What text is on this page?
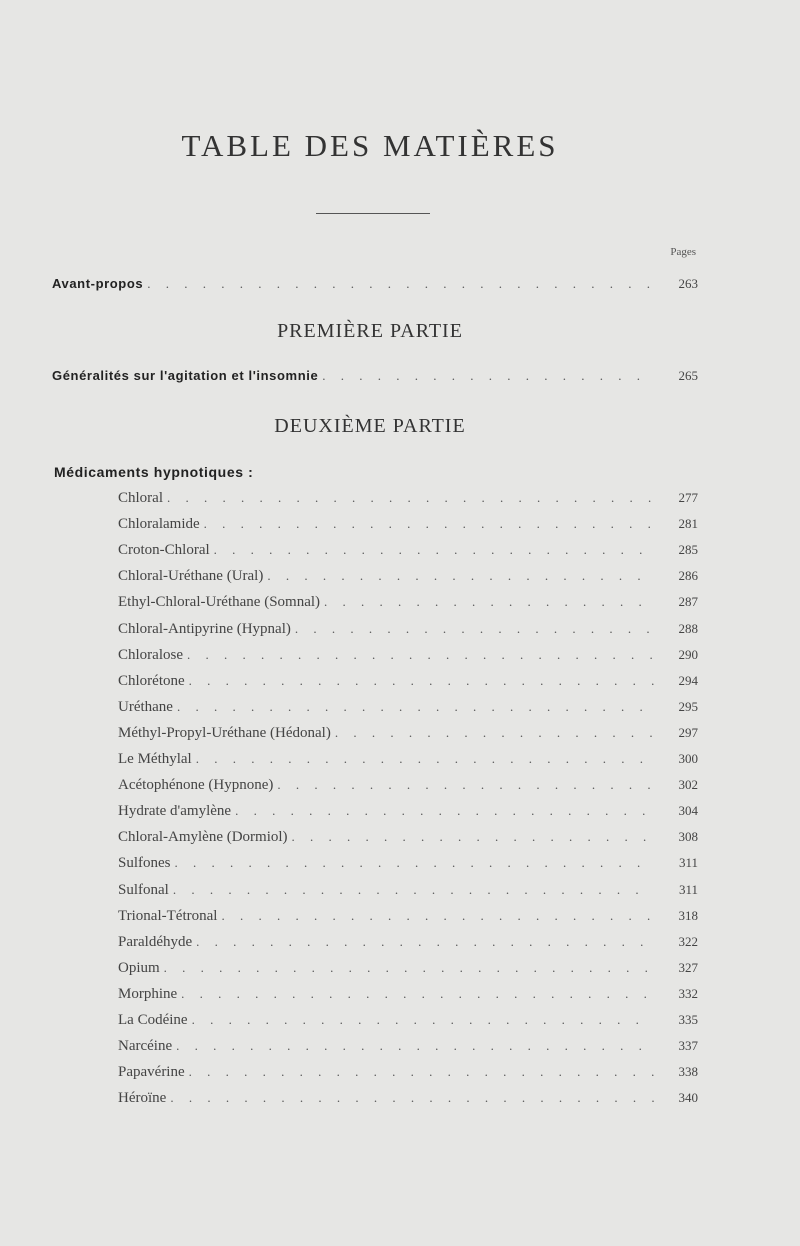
TABLE DES MATIÈRES
Pages
Avant-propos . . .	263
PREMIÈRE PARTIE
Généralités sur l'agitation et l'insomnie . . .	265
DEUXIÈME PARTIE
Médicaments hypnotiques :
Chloral . . .	277
Chloralamide . . .	281
Croton-Chloral . . .	285
Chloral-Uréthane (Ural) . . .	286
Ethyl-Chloral-Uréthane (Somnal) . . .	287
Chloral-Antipyrine (Hypnal) . . .	288
Chloralose . . .	290
Chlorétone . . .	294
Uréthane . . .	295
Méthyl-Propyl-Uréthane (Hédonal) . . .	297
Le Méthylal . . .	300
Acétophénone (Hypnone) . . .	302
Hydrate d'amylène . . .	304
Chloral-Amylène (Dormiol) . . .	308
Sulfones . . .	311
Sulfonal . . .	311
Trional-Tétronal . . .	318
Paraldéhyde . . .	322
Opium . . .	327
Morphine . . .	332
La Codéine . . .	335
Narcéine . . .	337
Papavérine . . .	338
Héroïne . . .	340
